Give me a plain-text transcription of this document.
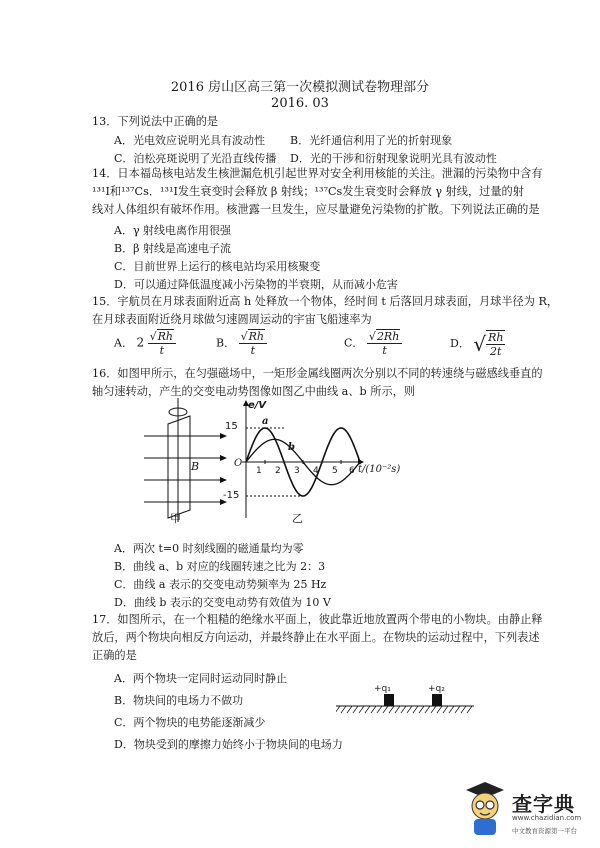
2016 房山区高三第一次模拟测试卷物理部分
2016. 03
13．下列说法中正确的是
A．光电效应说明光具有波动性 B．光纤通信利用了光的折射现象
C．泊松亮斑说明了光沿直线传播 D．光的干涉和衍射现象说明光具有波动性
14．日本福岛核电站发生核泄漏危机引起世界对安全利用核能的关注。泄漏的污染物中含有
¹³¹I和¹³⁷Cs．¹³¹I发生衰变时会释放 β 射线；¹³⁷Cs发生衰变时会释放 γ 射线，过量的射
线对人体组织有破坏作用。核泄露一旦发生，应尽量避免污染物的扩散。下列说法正确的是
A．γ 射线电离作用很强
B．β 射线是高速电子流
C．目前世界上运行的核电站均采用核聚变
D．可以通过降低温度减小污染物的半衰期，从而减小危害
15．宇航员在月球表面附近高 h 处释放一个物体，经时间 t 后落回月球表面，月球半径为 R，
在月球表面附近绕月球做匀速圆周运动的宇宙飞船速率为
A． $2 \frac{√Rh}{t}$	B． $\frac{√Rh}{t}$	C． $\frac{√2Rh}{t}$	D． √ $\frac{Rh}{2t}$
16．如图甲所示，在匀强磁场中，一矩形金属线圈两次分别以不同的转速绕与磁感线垂直的
轴匀速转动，产生的交变电动势图像如图乙中曲线 a、b 所示，则
B
甲
e/V
15
-15
O
a
b
1 2 3 4 5 6 t/(10⁻²s)
乙
A．两次 t=0 时刻线圈的磁通量均为零
B．曲线 a、b 对应的线圈转速之比为 2：3
C．曲线 a 表示的交变电动势频率为 25 Hz
D．曲线 b 表示的交变电动势有效值为 10 V
17．如图所示，在一个粗糙的绝缘水平面上，彼此靠近地放置两个带电的小物块。由静止释
放后，两个物块向相反方向运动，并最终静止在水平面上。在物块的运动过程中，下列表述
正确的是
A．两个物块一定同时运动同时静止
B．物块间的电场力不做功
C．两个物块的电势能逐渐减少
D．物块受到的摩擦力始终小于物块间的电场力
+q₁	+q₂
查字典
www.chazidian.com
中文教育资源第一平台
